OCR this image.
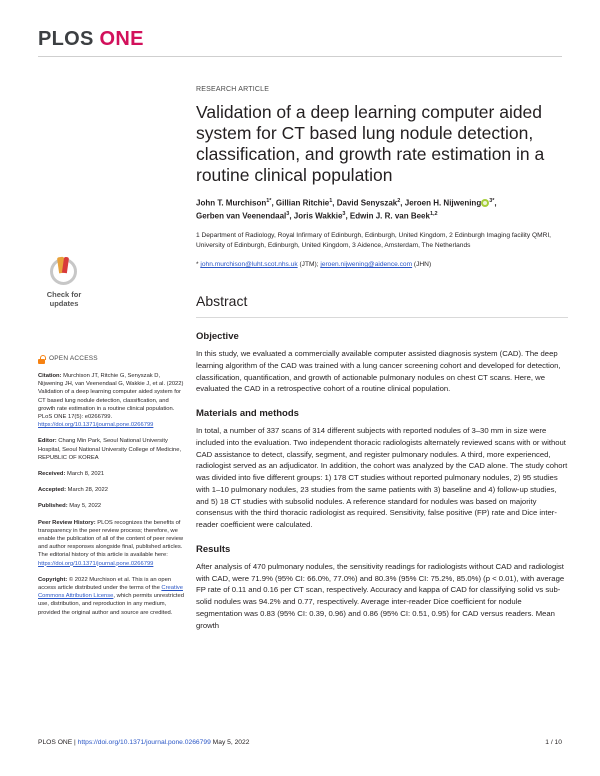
PLOS ONE
RESEARCH ARTICLE
Validation of a deep learning computer aided system for CT based lung nodule detection, classification, and growth rate estimation in a routine clinical population
John T. Murchison$^{1*}$, Gillian Ritchie$^1$, David Senyszak$^2$, Jeroen H. Nijwening $^{3*}$,
Gerben van Veenendaal$^3$, Joris Wakkie$^3$, Edwin J. R. van Beek$^{1,2}$
1 Department of Radiology, Royal Infirmary of Edinburgh, Edinburgh, United Kingdom, 2 Edinburgh Imaging facility QMRI, University of Edinburgh, Edinburgh, United Kingdom, 3 Aidence, Amsterdam, The Netherlands
* john.murchison@luht.scot.nhs.uk (JTM); jeroen.nijwening@aidence.com (JHN)
Abstract
Objective

In this study, we evaluated a commercially available computer assisted diagnosis system (CAD). The deep learning algorithm of the CAD was trained with a lung cancer screening cohort and developed for detection, classification, quantification, and growth of actionable pulmonary nodules on chest CT scans. Here, we evaluated the CAD in a retrospective cohort of a routine clinical population.

Materials and methods

In total, a number of 337 scans of 314 different subjects with reported nodules of 3–30 mm in size were included into the evaluation. Two independent thoracic radiologists alternately reviewed scans with or without CAD assistance to detect, classify, segment, and register pulmonary nodules. A third, more experienced, radiologist served as an adjudicator. In addition, the cohort was analyzed by the CAD alone. The study cohort was divided into five different groups: 1) 178 CT studies without reported pulmonary nodules, 2) 95 studies with 1–10 pulmonary nodules, 23 studies from the same patients with 3) baseline and 4) follow-up studies, and 5) 18 CT studies with subsolid nodules. A reference standard for nodules was based on majority consensus with the third thoracic radiologist as required. Sensitivity, false positive (FP) rate and Dice inter-reader coefficient were calculated.

Results

After analysis of 470 pulmonary nodules, the sensitivity readings for radiologists without CAD and radiologist with CAD, were 71.9% (95% CI: 66.0%, 77.0%) and 80.3% (95% CI: 75.2%, 85.0%) (p < 0.01), with average FP rate of 0.11 and 0.16 per CT scan, respectively. Accuracy and kappa of CAD for classifying solid vs sub-solid nodules was 94.2% and 0.77, respectively. Average inter-reader Dice coefficient for nodule segmentation was 0.83 (95% CI: 0.39, 0.96) and 0.86 (95% CI: 0.51, 0.95) for CAD versus readers. Mean growth

Check for
updates
OPEN ACCESS

Citation: Murchison JT, Ritchie G, Senyszak D, Nijwening JH, van Veenendaal G, Wakkie J, et al. (2022) Validation of a deep learning computer aided system for CT based lung nodule detection, classification, and growth rate estimation in a routine clinical population. PLoS ONE 17(5): e0266799. https://doi.org/10.1371/journal.pone.0266799

Editor: Chang Min Park, Seoul National University Hospital, Seoul National University College of Medicine, REPUBLIC OF KOREA

Received: March 8, 2021

Accepted: March 28, 2022

Published: May 5, 2022

Peer Review History: PLOS recognizes the benefits of transparency in the peer review process; therefore, we enable the publication of all of the content of peer review and author responses alongside final, published articles. The editorial history of this article is available here: https://doi.org/10.1371/journal.pone.0266799

Copyright: © 2022 Murchison et al. This is an open access article distributed under the terms of the Creative Commons Attribution License, which permits unrestricted use, distribution, and reproduction in any medium, provided the original author and source are credited.

PLOS ONE | https://doi.org/10.1371/journal.pone.0266799 May 5, 2022	1 / 10
